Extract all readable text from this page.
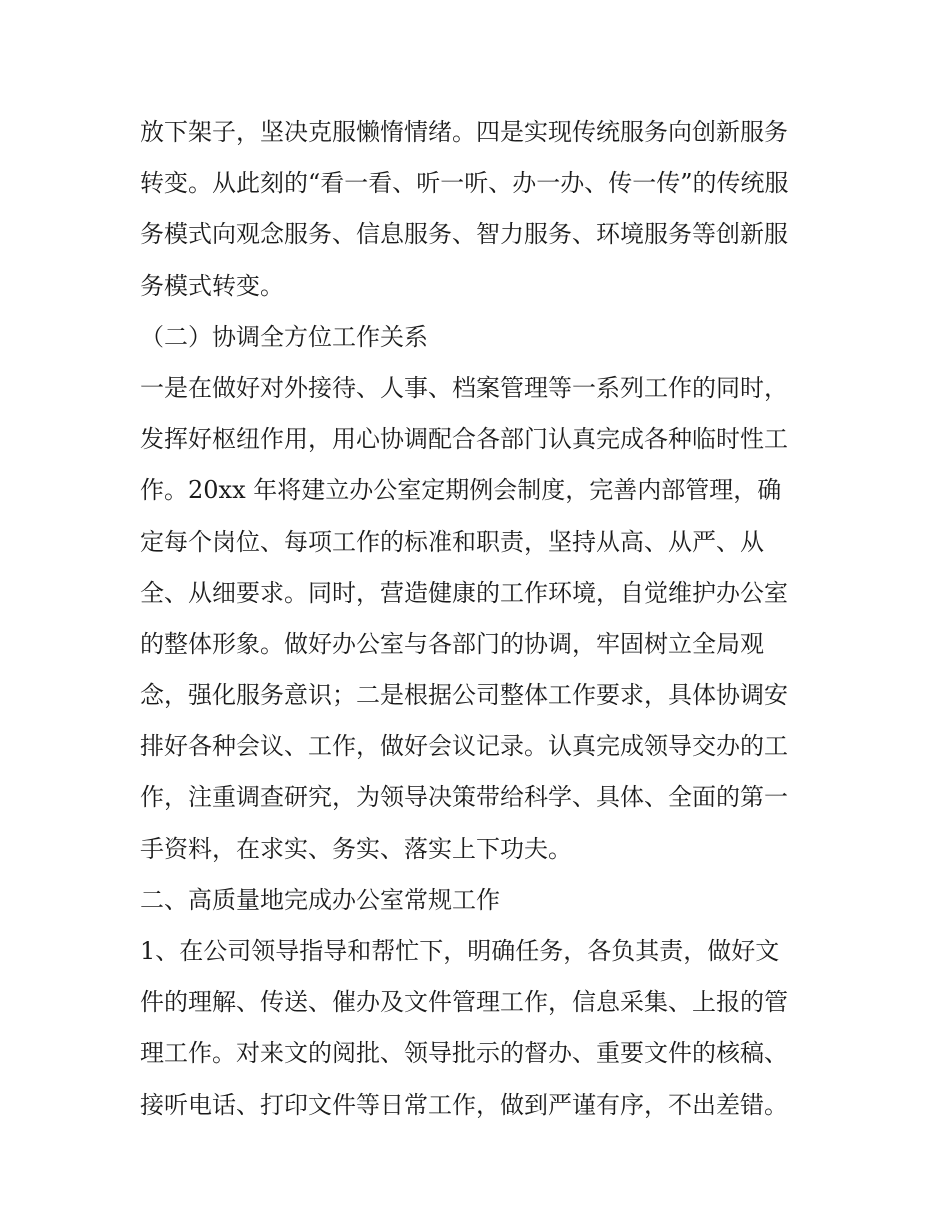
放下架子，坚决克服懒惰情绪。四是实现传统服务向创新服务
转变。从此刻的“看一看、听一听、办一办、传一传”的传统服
务模式向观念服务、信息服务、智力服务、环境服务等创新服
务模式转变。
（二）协调全方位工作关系
一是在做好对外接待、人事、档案管理等一系列工作的同时，
发挥好枢纽作用，用心协调配合各部门认真完成各种临时性工
作。20xx 年将建立办公室定期例会制度，完善内部管理，确
定每个岗位、每项工作的标准和职责，坚持从高、从严、从
全、从细要求。同时，营造健康的工作环境，自觉维护办公室
的整体形象。做好办公室与各部门的协调，牢固树立全局观
念，强化服务意识；二是根据公司整体工作要求，具体协调安
排好各种会议、工作，做好会议记录。认真完成领导交办的工
作，注重调查研究，为领导决策带给科学、具体、全面的第一
手资料，在求实、务实、落实上下功夫。
二、高质量地完成办公室常规工作
1、在公司领导指导和帮忙下，明确任务，各负其责，做好文
件的理解、传送、催办及文件管理工作，信息采集、上报的管
理工作。对来文的阅批、领导批示的督办、重要文件的核稿、
接听电话、打印文件等日常工作，做到严谨有序，不出差错。
